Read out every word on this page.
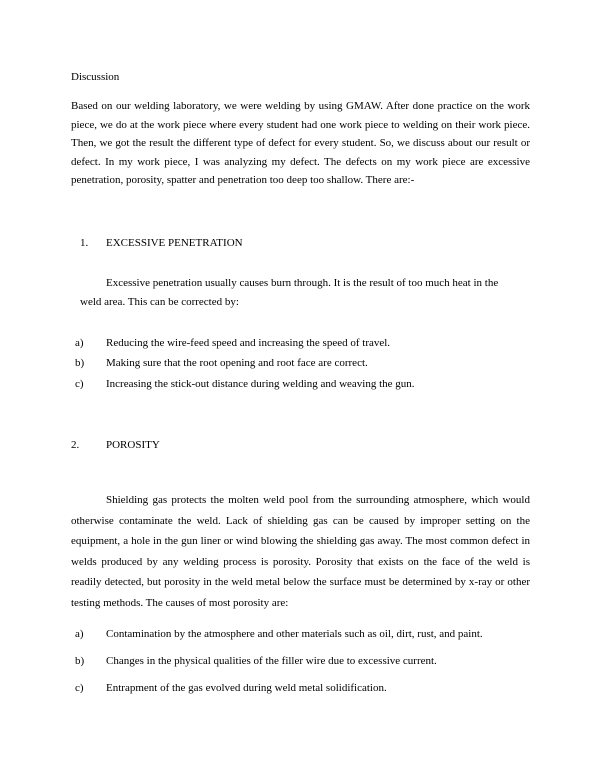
Discussion
Based on our welding laboratory, we were welding by using GMAW. After done practice on the work piece, we do at the work piece where every student had one work piece to welding on their work piece. Then, we got the result the different type of defect for every student. So, we discuss about our result or defect. In my work piece, I was analyzing my defect. The defects on my work piece are excessive penetration, porosity, spatter and penetration too deep too shallow. There are:-
1. EXCESSIVE PENETRATION
Excessive penetration usually causes burn through. It is the result of too much heat in the
weld area. This can be corrected by:
a) Reducing the wire-feed speed and increasing the speed of travel.
b) Making sure that the root opening and root face are correct.
c) Increasing the stick-out distance during welding and weaving the gun.
2. POROSITY
Shielding gas protects the molten weld pool from the surrounding atmosphere, which would otherwise contaminate the weld. Lack of shielding gas can be caused by improper setting on the equipment, a hole in the gun liner or wind blowing the shielding gas away. The most common defect in welds produced by any welding process is porosity. Porosity that exists on the face of the weld is readily detected, but porosity in the weld metal below the surface must be determined by x-ray or other testing methods. The causes of most porosity are:
a) Contamination by the atmosphere and other materials such as oil, dirt, rust, and paint.
b) Changes in the physical qualities of the filler wire due to excessive current.
c) Entrapment of the gas evolved during weld metal solidification.
